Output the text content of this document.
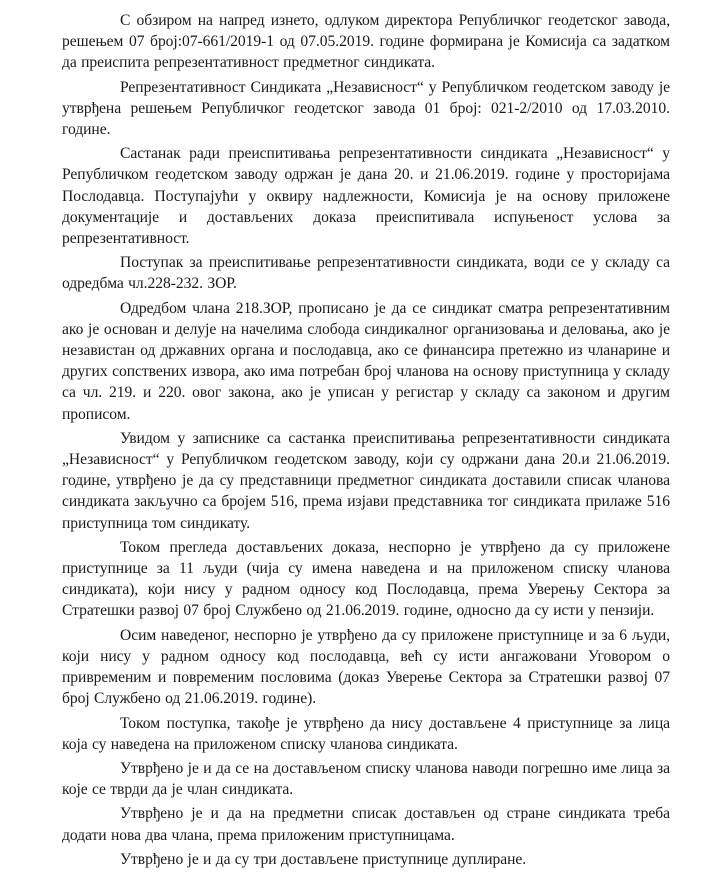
С обзиром на напред изнето, одлуком директора Републичког геодетског завода, решењем 07 број:07-661/2019-1 од 07.05.2019. године формирана је Комисија са задатком да преиспита репрезентативност предметног синдиката.

Репрезентативност Синдиката „Независност“ у Републичком геодетском заводу је утврђена решењем Републичког геодетског завода 01 број: 021-2/2010 од 17.03.2010. године.

Састанак ради преиспитивања репрезентативности синдиката „Независност“ у Републичком геодетском заводу одржан је дана 20. и 21.06.2019. године у просторијама Послодавца. Поступајући у оквиру надлежности, Комисија је на основу приложене документације и достављених доказа преиспитивала испуњеност услова за репрезентативност.

Поступак за преиспитивање репрезентативности синдиката, води се у складу са одредбма чл.228-232. ЗОР.

Одредбом члана 218.ЗОР, прописано је да се синдикат сматра репрезентативним ако је основан и делује на начелима слобода синдикалног организовања и деловања, ако је независтан од државних органа и послодавца, ако се финансира претежно из чланарине и других сопствених извора, ако има потребан број чланова на основу приступница у складу са чл. 219. и 220. овог закона, ако је уписан у регистар у складу са законом и другим прописом.

Увидом у записнике са састанка преиспитивања репрезентативности синдиката „Независност“ у Републичком геодетском заводу, који су одржани дана 20.и 21.06.2019. године, утврђено је да су представници предметног синдиката доставили списак чланова синдиката закључно са бројем 516, према изјави представника тог синдиката прилаже 516 приступница том синдикату.

Током прегледа достављених доказа, неспорно је утврђено да су приложене приступнице за 11 људи (чија су имена наведена и на приложеном списку чланова синдиката), који нису у радном односу код Послодавца, према Уверењу Сектора за Стратешки развој 07 број Службено од 21.06.2019. године, односно да су исти у пензији.

Осим наведеног, неспорно је утврђено да су приложене приступнице и за 6 људи, који нису у радном односу код послодавца, већ су исти ангажовани Уговором о привременим и повременим пословима (доказ Уверење Сектора за Стратешки развој 07 број Службено од 21.06.2019. године).

Током поступка, такође је утврђено да нису достављене 4 приступнице за лица која су наведена на приложеном списку чланова синдиката.

Утврђено је и да се на достављеном списку чланова наводи погрешно име лица за које се тврди да је члан синдиката.

Утврђено је и да на предметни списак достављен од стране синдиката треба додати нова два члана, према приложеним приступницама.

Утврђено је и да су три достављене приступнице дуплиране.
